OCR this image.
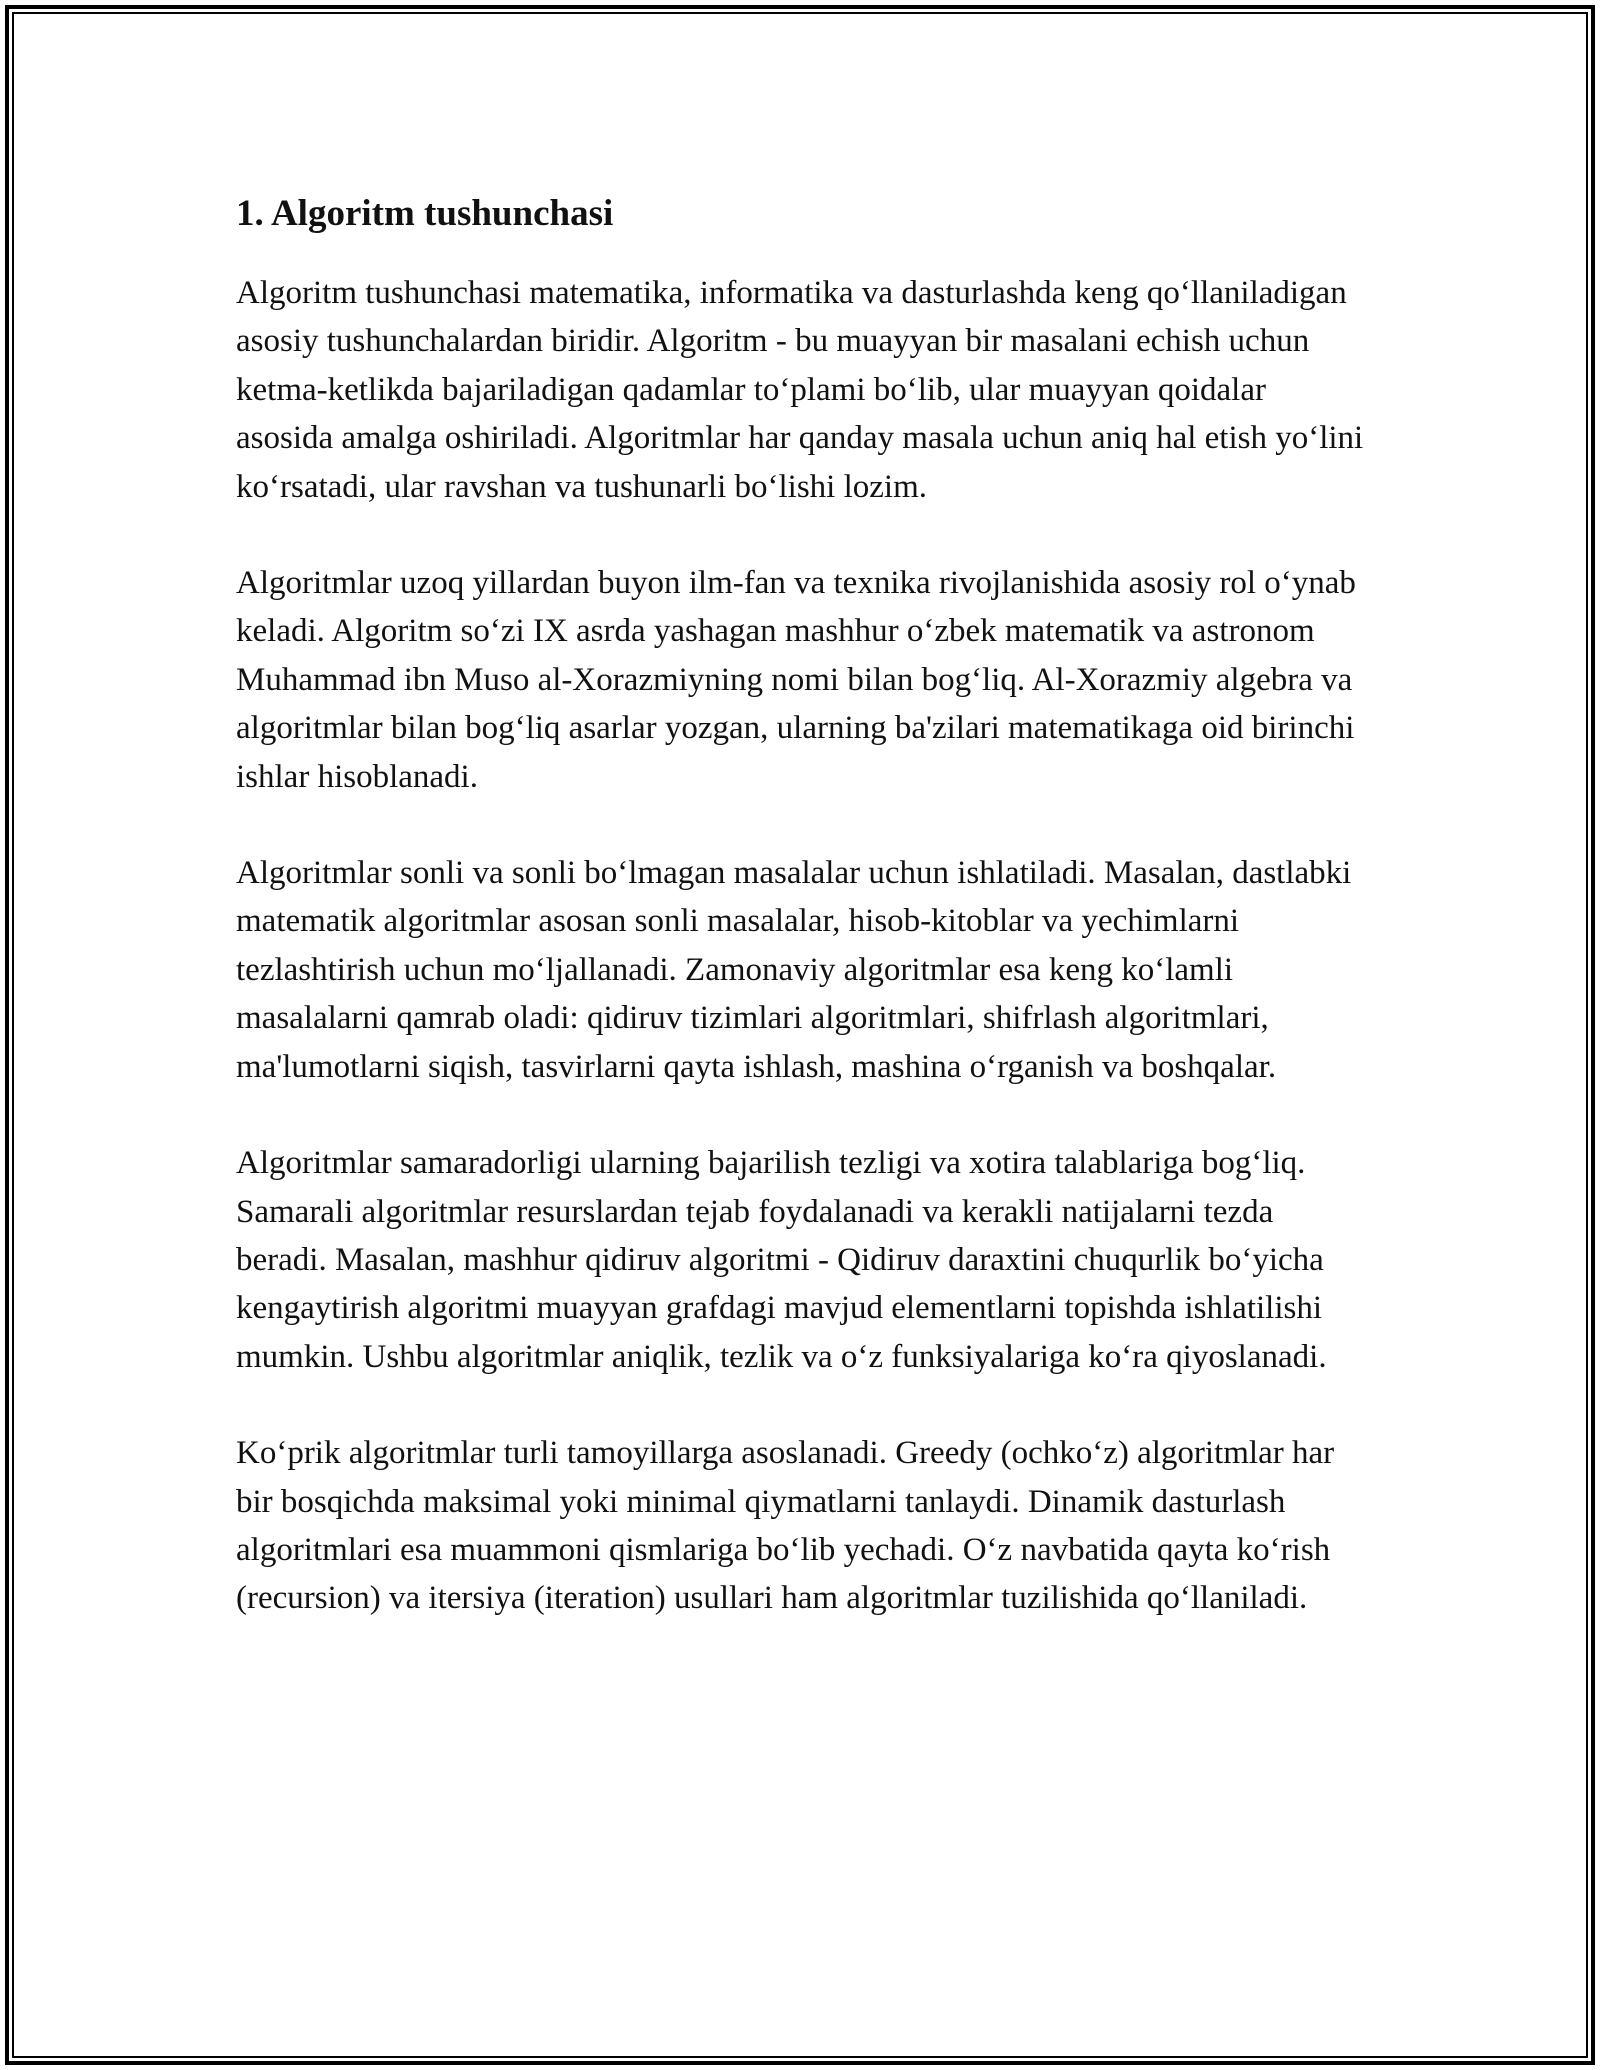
1. Algoritm tushunchasi

Algoritm tushunchasi matematika, informatika va dasturlashda keng qoʻllaniladigan asosiy tushunchalardan biridir. Algoritm - bu muayyan bir masalani echish uchun ketma-ketlikda bajariladigan qadamlar toʻplami boʻlib, ular muayyan qoidalar asosida amalga oshiriladi. Algoritmlar har qanday masala uchun aniq hal etish yoʻlini koʻrsatadi, ular ravshan va tushunarli boʻlishi lozim.

Algoritmlar uzoq yillardan buyon ilm-fan va texnika rivojlanishida asosiy rol oʻynab keladi. Algoritm soʻzi IX asrda yashagan mashhur oʻzbek matematik va astronom Muhammad ibn Muso al-Xorazmiyning nomi bilan bogʻliq. Al-Xorazmiy algebra va algoritmlar bilan bogʻliq asarlar yozgan, ularning ba'zilari matematikaga oid birinchi ishlar hisoblanadi.

Algoritmlar sonli va sonli boʻlmagan masalalar uchun ishlatiladi. Masalan, dastlabki matematik algoritmlar asosan sonli masalalar, hisob-kitoblar va yechimlarni tezlashtirish uchun moʻljallanadi. Zamonaviy algoritmlar esa keng koʻlamli masalalarni qamrab oladi: qidiruv tizimlari algoritmlari, shifrlash algoritmlari, ma'lumotlarni siqish, tasvirlarni qayta ishlash, mashina oʻrganish va boshqalar.

Algoritmlar samaradorligi ularning bajarilish tezligi va xotira talablariga bogʻliq. Samarali algoritmlar resurslardan tejab foydalanadi va kerakli natijalarni tezda beradi. Masalan, mashhur qidiruv algoritmi - Qidiruv daraxtini chuqurlik boʻyicha kengaytirish algoritmi muayyan grafdagi mavjud elementlarni topishda ishlatilishi mumkin. Ushbu algoritmlar aniqlik, tezlik va oʻz funksiyalariga koʻra qiyoslanadi.

Koʻprik algoritmlar turli tamoyillarga asoslanadi. Greedy (ochkoʻz) algoritmlar har bir bosqichda maksimal yoki minimal qiymatlarni tanlaydi. Dinamik dasturlash algoritmlari esa muammoni qismlariga boʻlib yechadi. Oʻz navbatida qayta koʻrish (recursion) va itersiya (iteration) usullari ham algoritmlar tuzilishida qoʻllaniladi.
